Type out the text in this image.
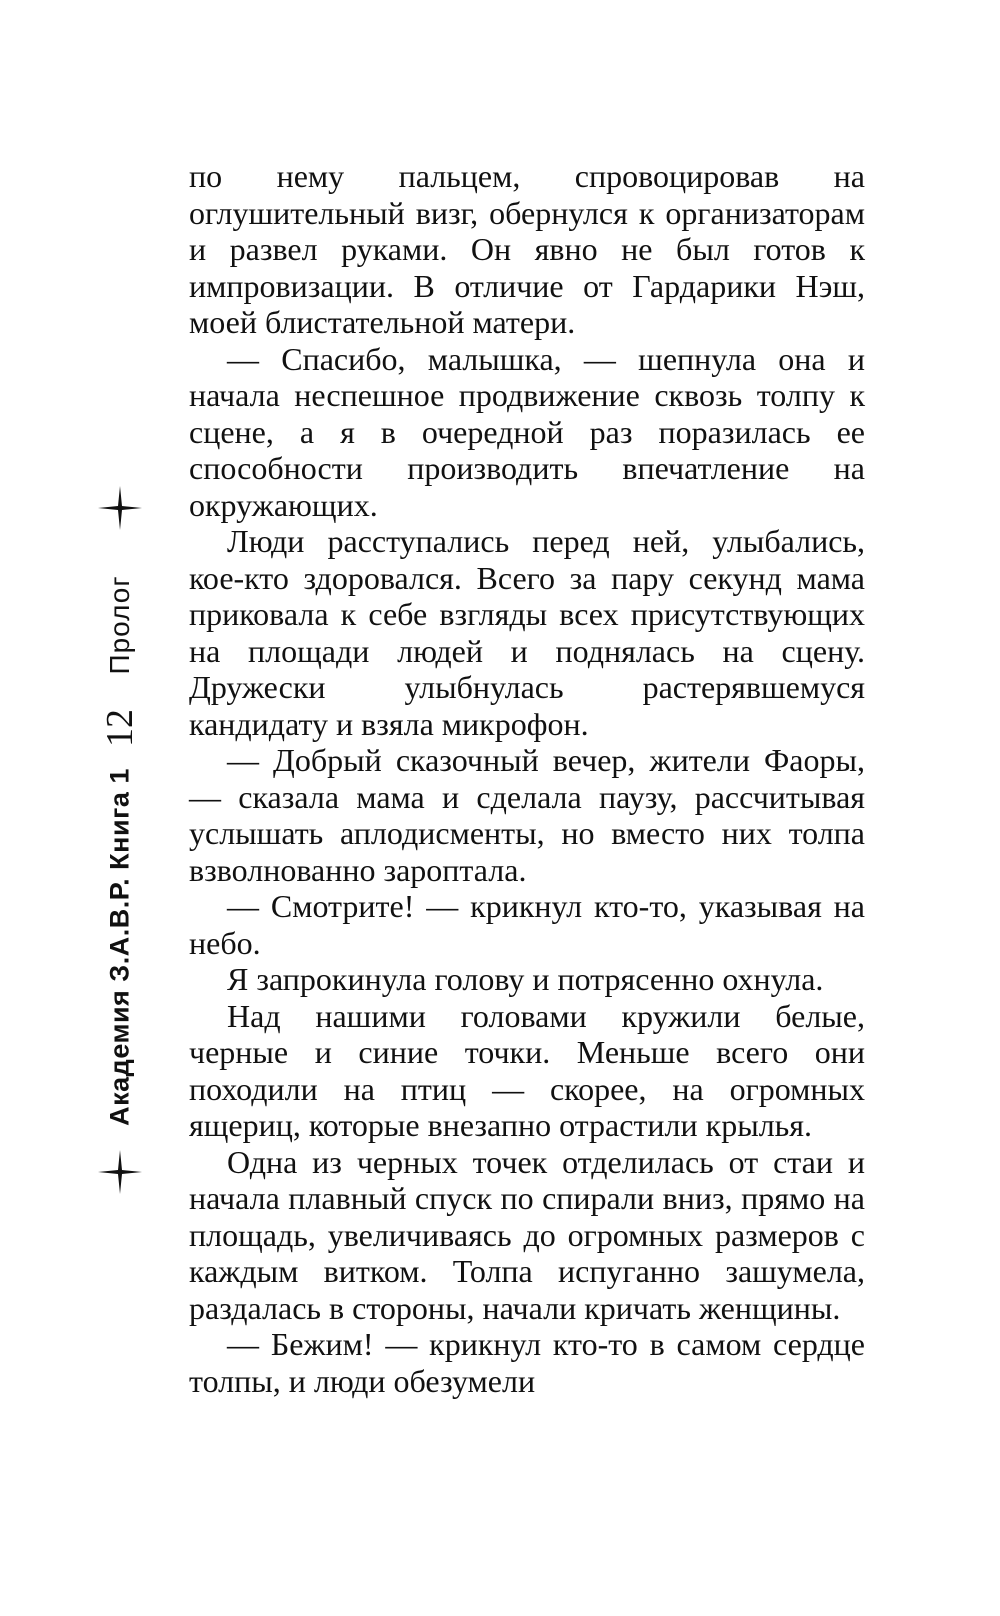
Пролог
12
Академия З.А.В.Р. Книга 1

по нему пальцем, спровоцировав на оглушительный визг, обернулся к организаторам и развел руками. Он явно не был готов к импровизации. В отличие от Гардарики Нэш, моей блистательной матери.

— Спасибо, малышка, — шепнула она и начала неспешное продвижение сквозь толпу к сцене, а я в очередной раз поразилась ее способности производить впечатление на окружающих.

Люди расступались перед ней, улыбались, кое-кто здоровался. Всего за пару секунд мама приковала к себе взгляды всех присутствующих на площади людей и поднялась на сцену. Дружески улыбнулась растерявшемуся кандидату и взяла микрофон.

— Добрый сказочный вечер, жители Фаоры, — сказала мама и сделала паузу, рассчитывая услышать аплодисменты, но вместо них толпа взволнованно зароптала.

— Смотрите! — крикнул кто-то, указывая на небо.

Я запрокинула голову и потрясенно охнула.

Над нашими головами кружили белые, черные и синие точки. Меньше всего они походили на птиц — скорее, на огромных ящериц, которые внезапно отрастили крылья.

Одна из черных точек отделилась от стаи и начала плавный спуск по спирали вниз, прямо на площадь, увеличиваясь до огромных размеров с каждым витком. Толпа испуганно зашумела, раздалась в стороны, начали кричать женщины.

— Бежим! — крикнул кто-то в самом сердце толпы, и люди обезумели
